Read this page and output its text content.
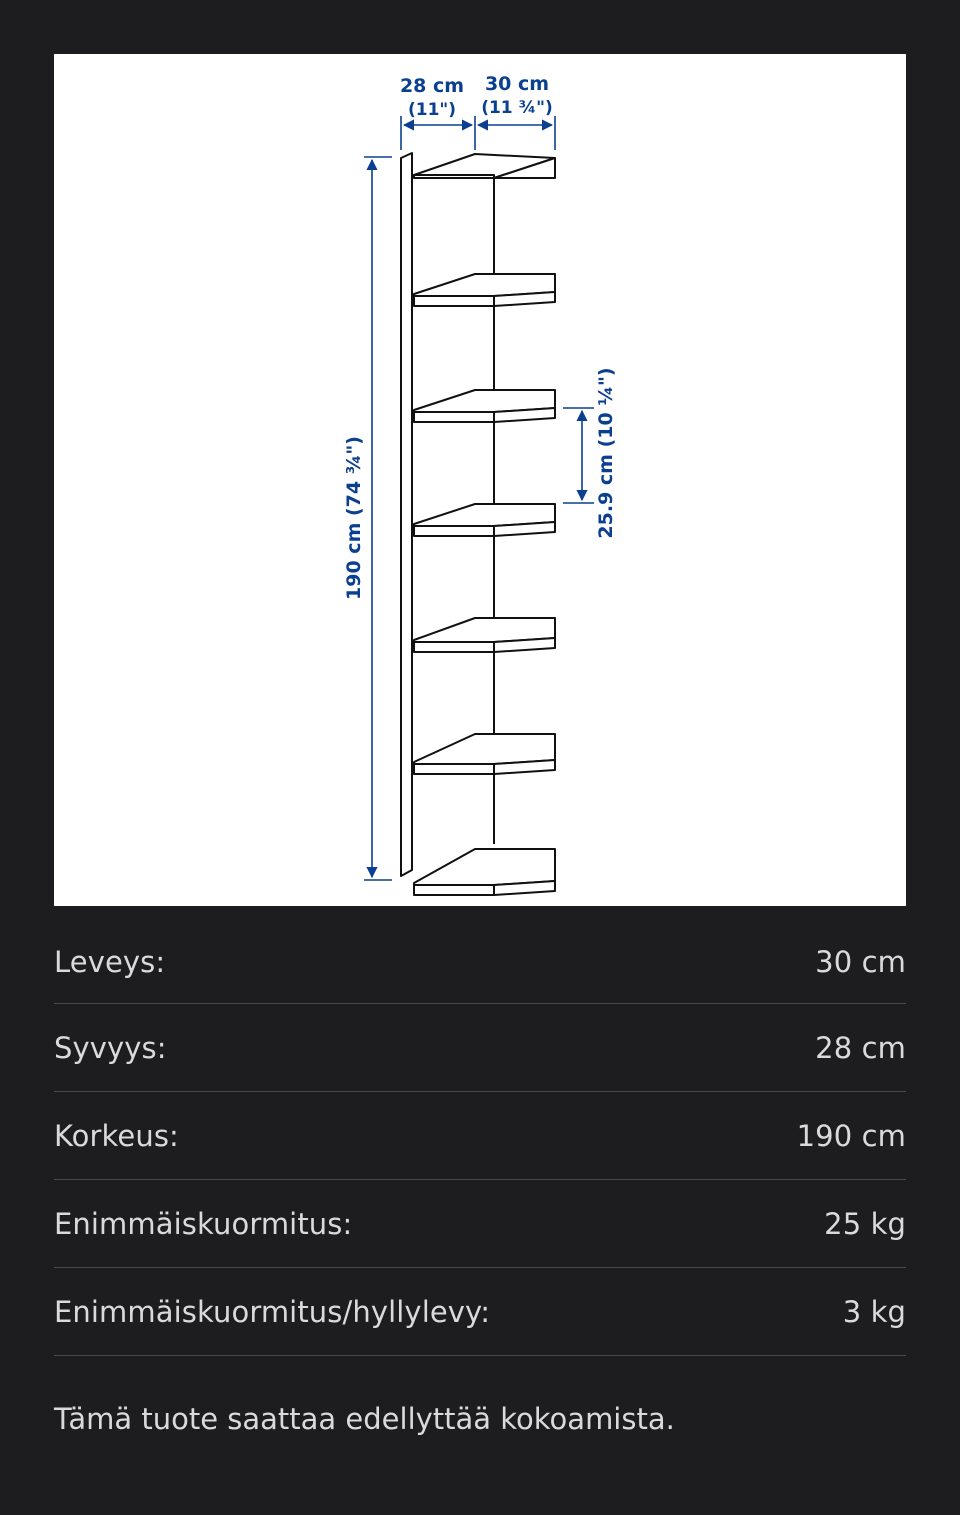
28 cm
(11")
30 cm
(11 ¾")
190 cm (74 ¾")	25.9 cm (10 ¼")
Leveys:	30 cm
Syvyys:	28 cm
Korkeus:	190 cm
Enimmäiskuormitus:	25 kg
Enimmäiskuormitus/hyllylevy:	3 kg
Tämä tuote saattaa edellyttää kokoamista.
